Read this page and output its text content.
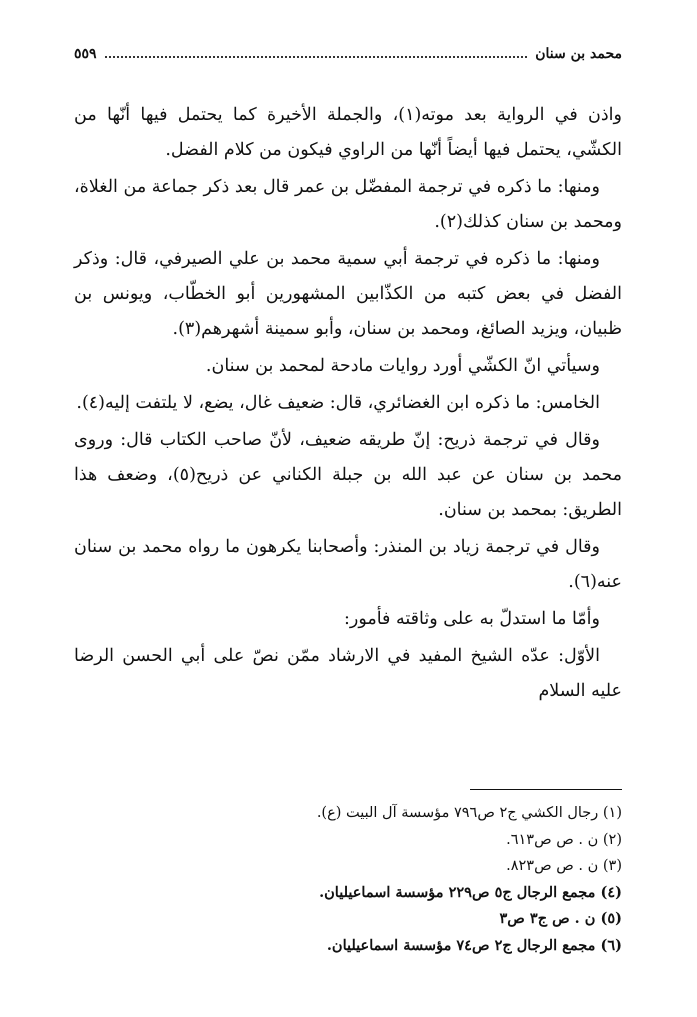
محمد بن سنان
٥٥٩

واذن في الرواية بعد موته(١)، والجملة الأخيرة كما يحتمل فيها أنّها من الكشّي، يحتمل فيها أيضاً أنّها من الراوي فيكون من كلام الفضل.

ومنها: ما ذكره في ترجمة المفضّل بن عمر قال بعد ذكر جماعة من الغلاة، ومحمد بن سنان كذلك(٢).

ومنها: ما ذكره في ترجمة أبي سمية محمد بن علي الصيرفي، قال: وذكر الفضل في بعض كتبه من الكذّابين المشهورين أبو الخطّاب، ويونس بن ظبيان، ويزيد الصائغ، ومحمد بن سنان، وأبو سمينة أشهرهم(٣).

وسيأتي انّ الكشّي أورد روايات مادحة لمحمد بن سنان.

الخامس: ما ذكره ابن الغضائري، قال: ضعيف غال، يضع، لا يلتفت إليه(٤).

وقال في ترجمة ذريح: إنّ طريقه ضعيف، لأنّ صاحب الكتاب قال: وروى محمد بن سنان عن عبد الله بن جبلة الكناني عن ذريح(٥)، وضعف هذا الطريق: بمحمد بن سنان.

وقال في ترجمة زياد بن المنذر: وأصحابنا يكرهون ما رواه محمد بن سنان عنه(٦).

وأمّا ما استدلّ به على وثاقته فأمور:

الأوّل: عدّه الشيخ المفيد في الارشاد ممّن نصّ على أبي الحسن الرضا عليه السلام

(١) رجال الكشي ج٢ ص٧٩٦ مؤسسة آل البيت (ع).
(٢) ن . ص ص٦١٣.
(٣) ن . ص ص٨٢٣.
(٤) مجمع الرجال ج٥ ص٢٢٩ مؤسسة اسماعيليان.
(٥) ن . ص ج٣ ص٣
(٦) مجمع الرجال ج٢ ص٧٤ مؤسسة اسماعيليان.
